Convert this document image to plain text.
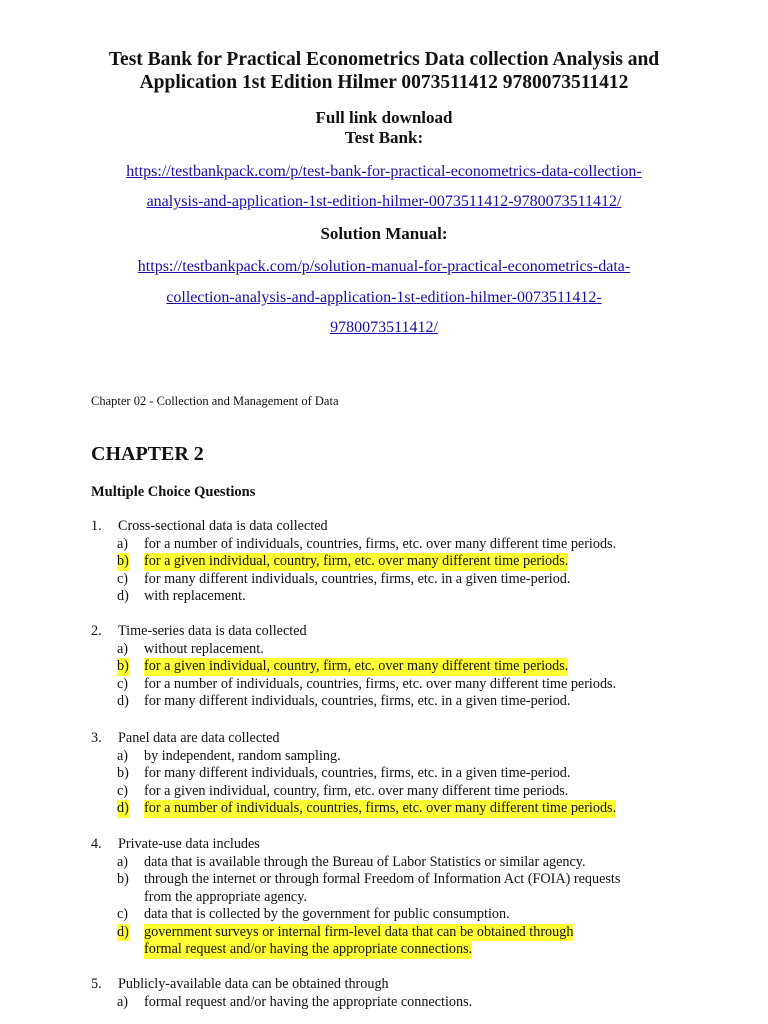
Test Bank for Practical Econometrics Data collection Analysis and
Application 1st Edition Hilmer 0073511412 9780073511412
Full link download
Test Bank:
https://testbankpack.com/p/test-bank-for-practical-econometrics-data-collection-
analysis-and-application-1st-edition-hilmer-0073511412-9780073511412/
Solution Manual:
https://testbankpack.com/p/solution-manual-for-practical-econometrics-data-
collection-analysis-and-application-1st-edition-hilmer-0073511412-
9780073511412/
Chapter 02 - Collection and Management of Data
CHAPTER 2
Multiple Choice Questions
1. Cross-sectional data is data collected
a) for a number of individuals, countries, firms, etc. over many different time periods.
b) for a given individual, country, firm, etc. over many different time periods.
c) for many different individuals, countries, firms, etc. in a given time-period.
d) with replacement.
2. Time-series data is data collected
a) without replacement.
b) for a given individual, country, firm, etc. over many different time periods.
c) for a number of individuals, countries, firms, etc. over many different time periods.
d) for many different individuals, countries, firms, etc. in a given time-period.
3. Panel data are data collected
a) by independent, random sampling.
b) for many different individuals, countries, firms, etc. in a given time-period.
c) for a given individual, country, firm, etc. over many different time periods.
d) for a number of individuals, countries, firms, etc. over many different time periods.
4. Private-use data includes
a) data that is available through the Bureau of Labor Statistics or similar agency.
b) through the internet or through formal Freedom of Information Act (FOIA) requests
from the appropriate agency.
c) data that is collected by the government for public consumption.
d) government surveys or internal firm-level data that can be obtained through
formal request and/or having the appropriate connections.
5. Publicly-available data can be obtained through
a) formal request and/or having the appropriate connections.
